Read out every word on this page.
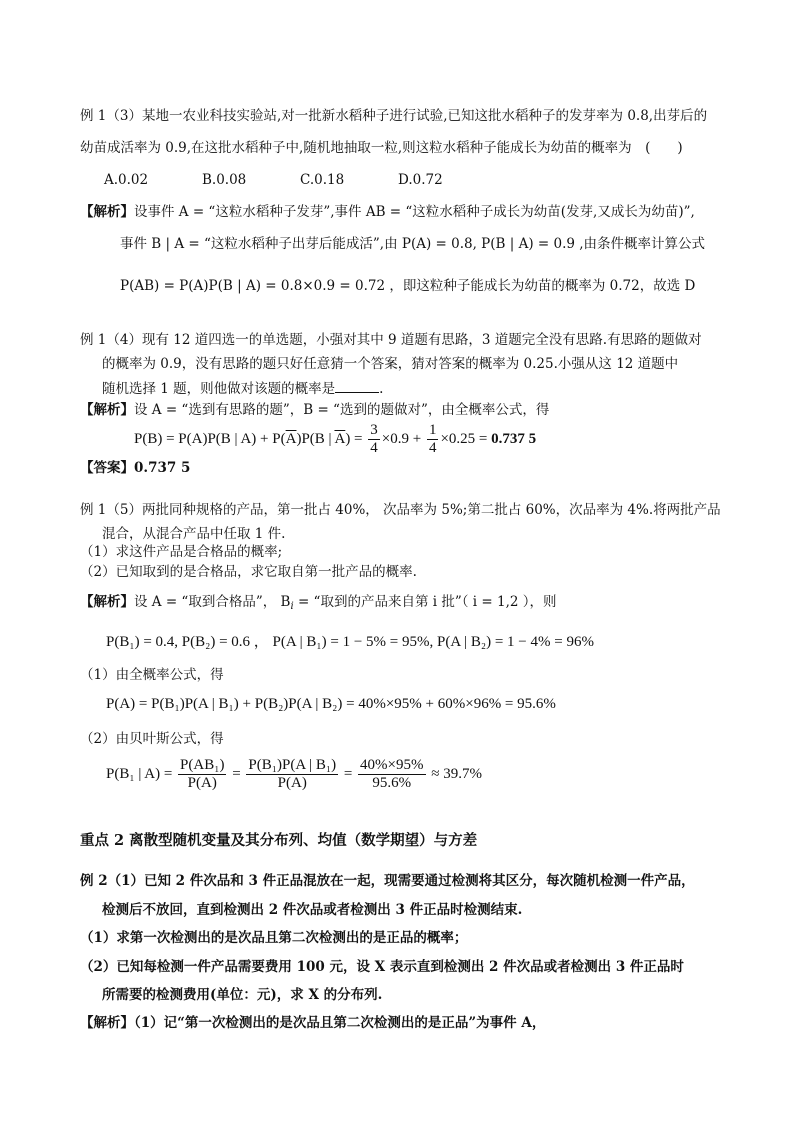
例 1（3）某地一农业科技实验站,对一批新水稻种子进行试验,已知这批水稻种子的发芽率为 0.8,出芽后的
幼苗成活率为 0.9,在这批水稻种子中,随机地抽取一粒,则这粒水稻种子能成长为幼苗的概率为　(　　)
A.0.02	B.0.08	C.0.18	D.0.72
【解析】设事件 A = “这粒水稻种子发芽”,事件 AB = “这粒水稻种子成长为幼苗(发芽,又成长为幼苗)”,
事件 B | A = “这粒水稻种子出芽后能成活”,由 P(A) = 0.8, P(B | A) = 0.9 ,由条件概率计算公式
P(AB) = P(A)P(B | A) = 0.8×0.9 = 0.72 ，即这粒种子能成长为幼苗的概率为 0.72，故选 D
例 1（4）现有 12 道四选一的单选题，小强对其中 9 道题有思路，3 道题完全没有思路.有思路的题做对
的概率为 0.9，没有思路的题只好任意猜一个答案，猜对答案的概率为 0.25.小强从这 12 道题中
随机选择 1 题，则他做对该题的概率是	.
【解析】设 A = “选到有思路的题”，B = “选到的题做对”，由全概率公式，得
P(B) = P(A)P(B | $A) + P(\overline{A})P(B$ | $\overline{A}) = \frac{3}{4} \times 0.9 + \frac{1}{4} \times 0.25 = 0.737$ 5
【答案】0.737 5
例 1（5）两批同种规格的产品，第一批占 40%， 次品率为 5%;第二批占 60%，次品率为 4%.将两批产品
混合，从混合产品中任取 1 件.
（1）求这件产品是合格品的概率;
（2）已知取到的是合格品，求它取自第一批产品的概率.
【解析】设 A = “取到合格品”， $B_i$ = “取到的产品来自第 i 批”（ i = 1,2 ），则
P(B₁) = 0.4, P(B₂) = 0.6 ， P(A | B₁) = 1 − 5% = 95%, P(A | B₂) = 1 − 4% = 96%
（1）由全概率公式，得
P(A) = P(B₁)P(A | B₁) + P(B₂)P(A | B₂) = 40%×95% + 60%×96% = 95.6%
（2）由贝叶斯公式，得
P(B₁ | $A) = \frac{\text{P(AB₁)}}{P(A)} = \frac{\text{P(B₁)P(A | B₁)}}{P(A)} = \frac{40\%\times 95\%}{95.6\%} \approx 39.7\%$
重点 2 离散型随机变量及其分布列、均值（数学期望）与方差
例 2（1）已知 2 件次品和 3 件正品混放在一起，现需要通过检测将其区分，每次随机检测一件产品，
检测后不放回，直到检测出 2 件次品或者检测出 3 件正品时检测结束.
（1）求第一次检测出的是次品且第二次检测出的是正品的概率；
（2）已知每检测一件产品需要费用 100 元，设 X 表示直到检测出 2 件次品或者检测出 3 件正品时
所需要的检测费用(单位：元)，求 X 的分布列.
【解析】（1）记“第一次检测出的是次品且第二次检测出的是正品”为事件 A，
